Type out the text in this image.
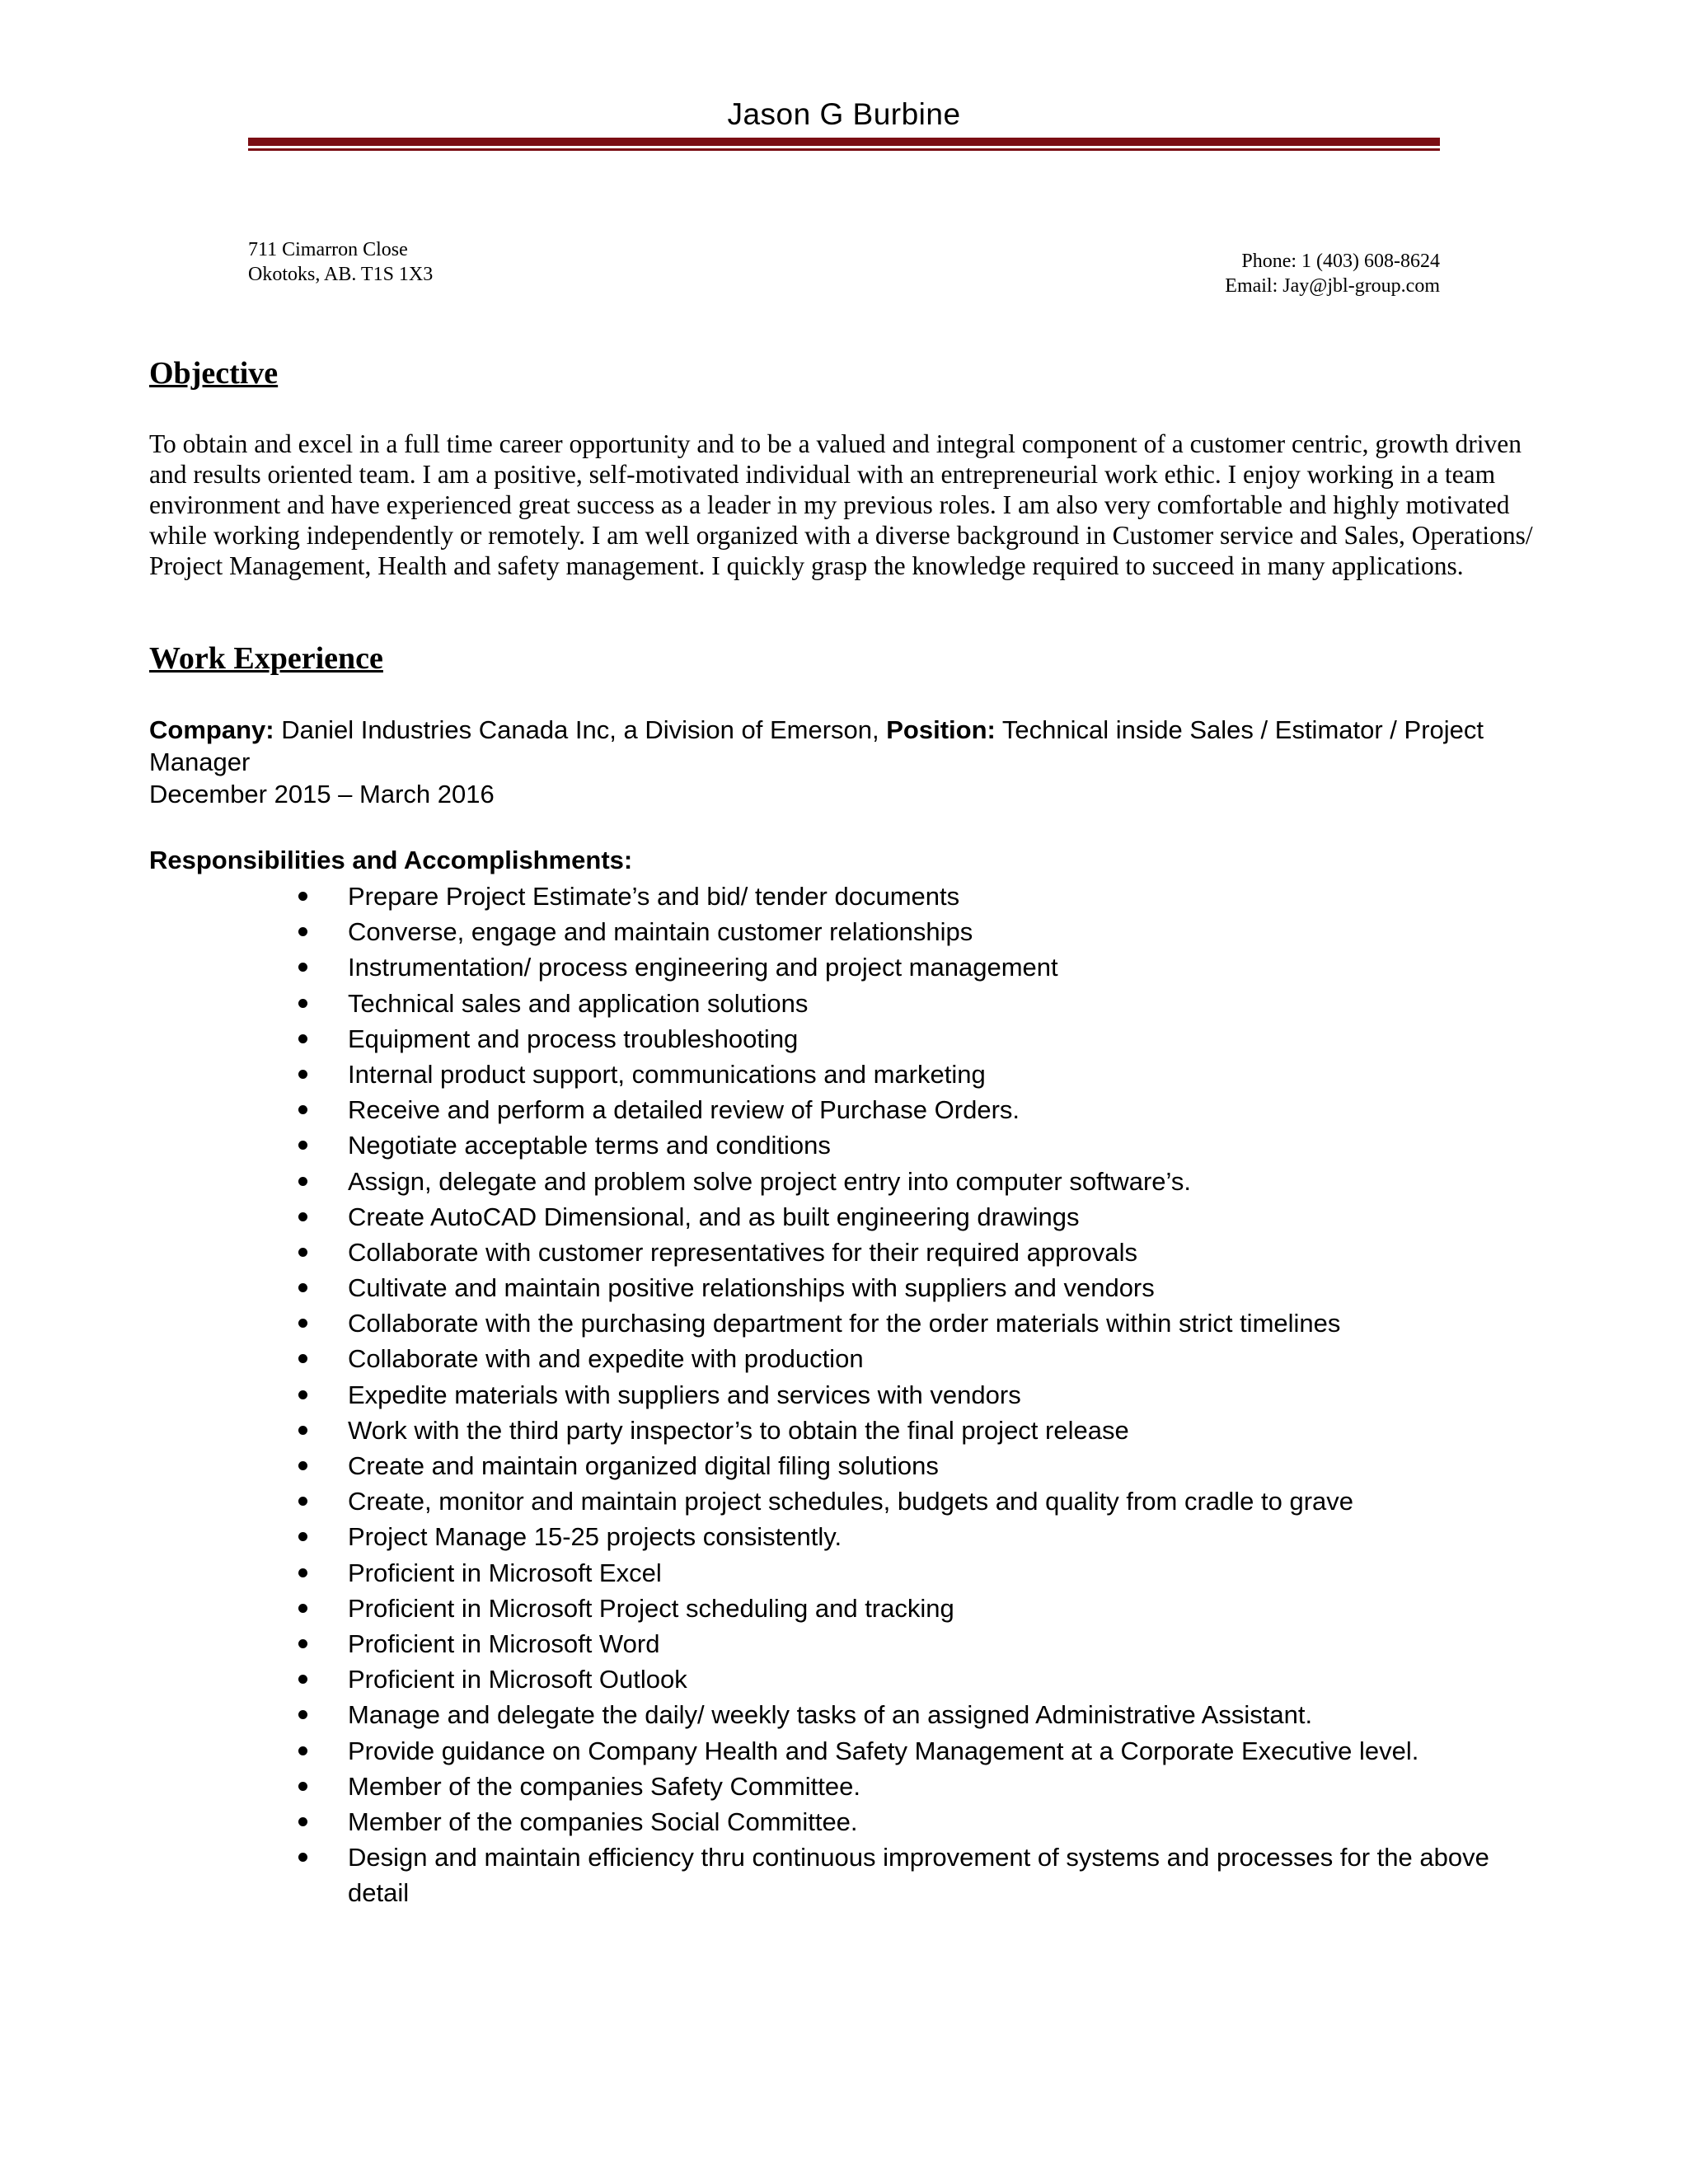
Jason G Burbine
711 Cimarron Close
Okotoks, AB. T1S 1X3
Phone: 1 (403) 608-8624
Email: Jay@jbl-group.com
Objective
To obtain and excel in a full time career opportunity and to be a valued and integral component of a customer centric, growth driven and results oriented team. I am a positive, self-motivated individual with an entrepreneurial work ethic. I enjoy working in a team environment and have experienced great success as a leader in my previous roles. I am also very comfortable and highly motivated while working independently or remotely. I am well organized with a diverse background in Customer service and Sales, Operations/ Project Management, Health and safety management. I quickly grasp the knowledge required to succeed in many applications.
Work Experience
Company: Daniel Industries Canada Inc, a Division of Emerson, Position: Technical inside Sales / Estimator / Project Manager
December 2015 – March 2016
Responsibilities and Accomplishments:
Prepare Project Estimate’s and bid/ tender documents
Converse, engage and maintain customer relationships
Instrumentation/ process engineering and project management
Technical sales and application solutions
Equipment and process troubleshooting
Internal product support, communications and marketing
Receive and perform a detailed review of Purchase Orders.
Negotiate acceptable terms and conditions
Assign, delegate and problem solve project entry into computer software’s.
Create AutoCAD Dimensional, and as built engineering drawings
Collaborate with customer representatives for their required approvals
Cultivate and maintain positive relationships with suppliers and vendors
Collaborate with the purchasing department for the order materials within strict timelines
Collaborate with and expedite with production
Expedite materials with suppliers and services with vendors
Work with the third party inspector’s to obtain the final project release
Create and maintain organized digital filing solutions
Create, monitor and maintain project schedules, budgets and quality from cradle to grave
Project Manage 15-25 projects consistently.
Proficient in Microsoft Excel
Proficient in Microsoft Project scheduling and tracking
Proficient in Microsoft Word
Proficient in Microsoft Outlook
Manage and delegate the daily/ weekly tasks of an assigned Administrative Assistant.
Provide guidance on Company Health and Safety Management at a Corporate Executive level.
Member of the companies Safety Committee.
Member of the companies Social Committee.
Design and maintain efficiency thru continuous improvement of systems and processes for the above detail
